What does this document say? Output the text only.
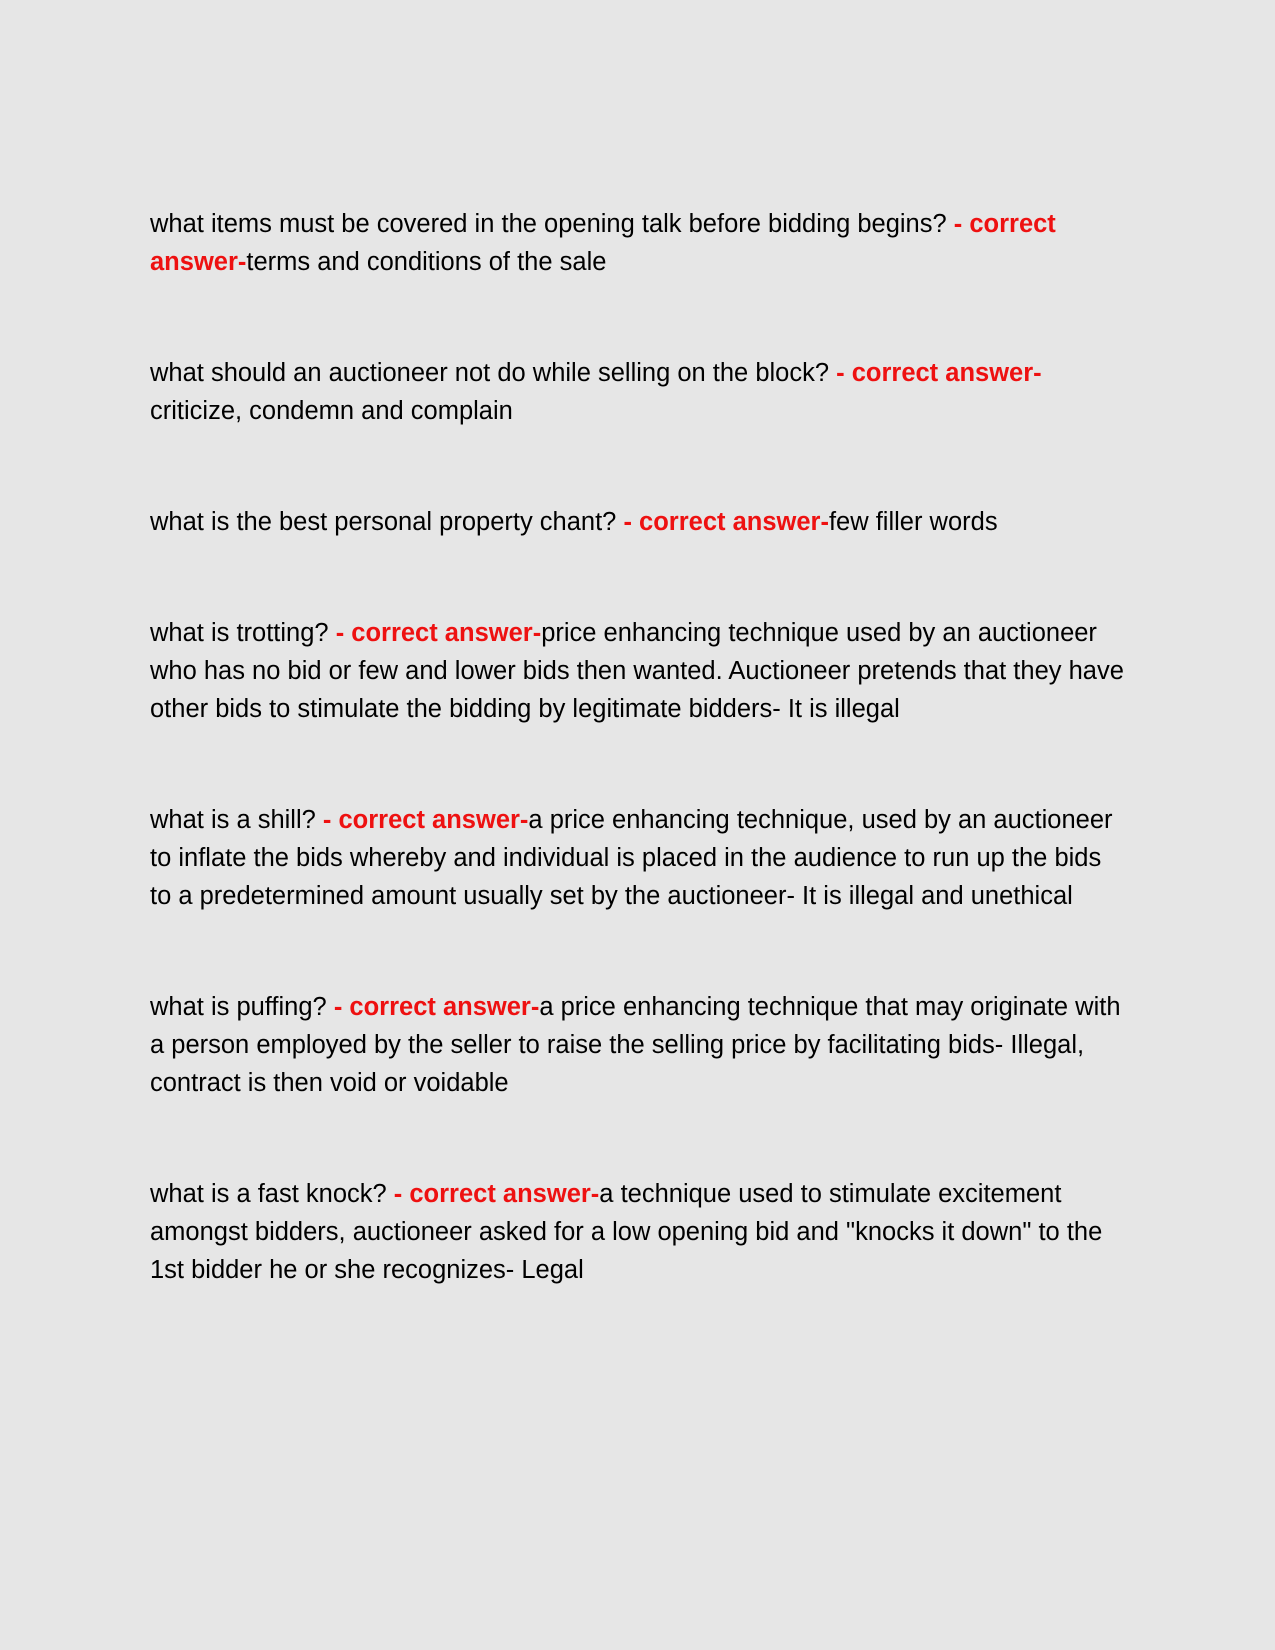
what items must be covered in the opening talk before bidding begins? - correct answer-terms and conditions of the sale

what should an auctioneer not do while selling on the block? - correct answer-criticize, condemn and complain

what is the best personal property chant? - correct answer-few filler words

what is trotting? - correct answer-price enhancing technique used by an auctioneer who has no bid or few and lower bids then wanted. Auctioneer pretends that they have other bids to stimulate the bidding by legitimate bidders- It is illegal

what is a shill? - correct answer-a price enhancing technique, used by an auctioneer to inflate the bids whereby and individual is placed in the audience to run up the bids to a predetermined amount usually set by the auctioneer- It is illegal and unethical

what is puffing? - correct answer-a price enhancing technique that may originate with a person employed by the seller to raise the selling price by facilitating bids- Illegal, contract is then void or voidable

what is a fast knock? - correct answer-a technique used to stimulate excitement amongst bidders, auctioneer asked for a low opening bid and "knocks it down" to the 1st bidder he or she recognizes- Legal
